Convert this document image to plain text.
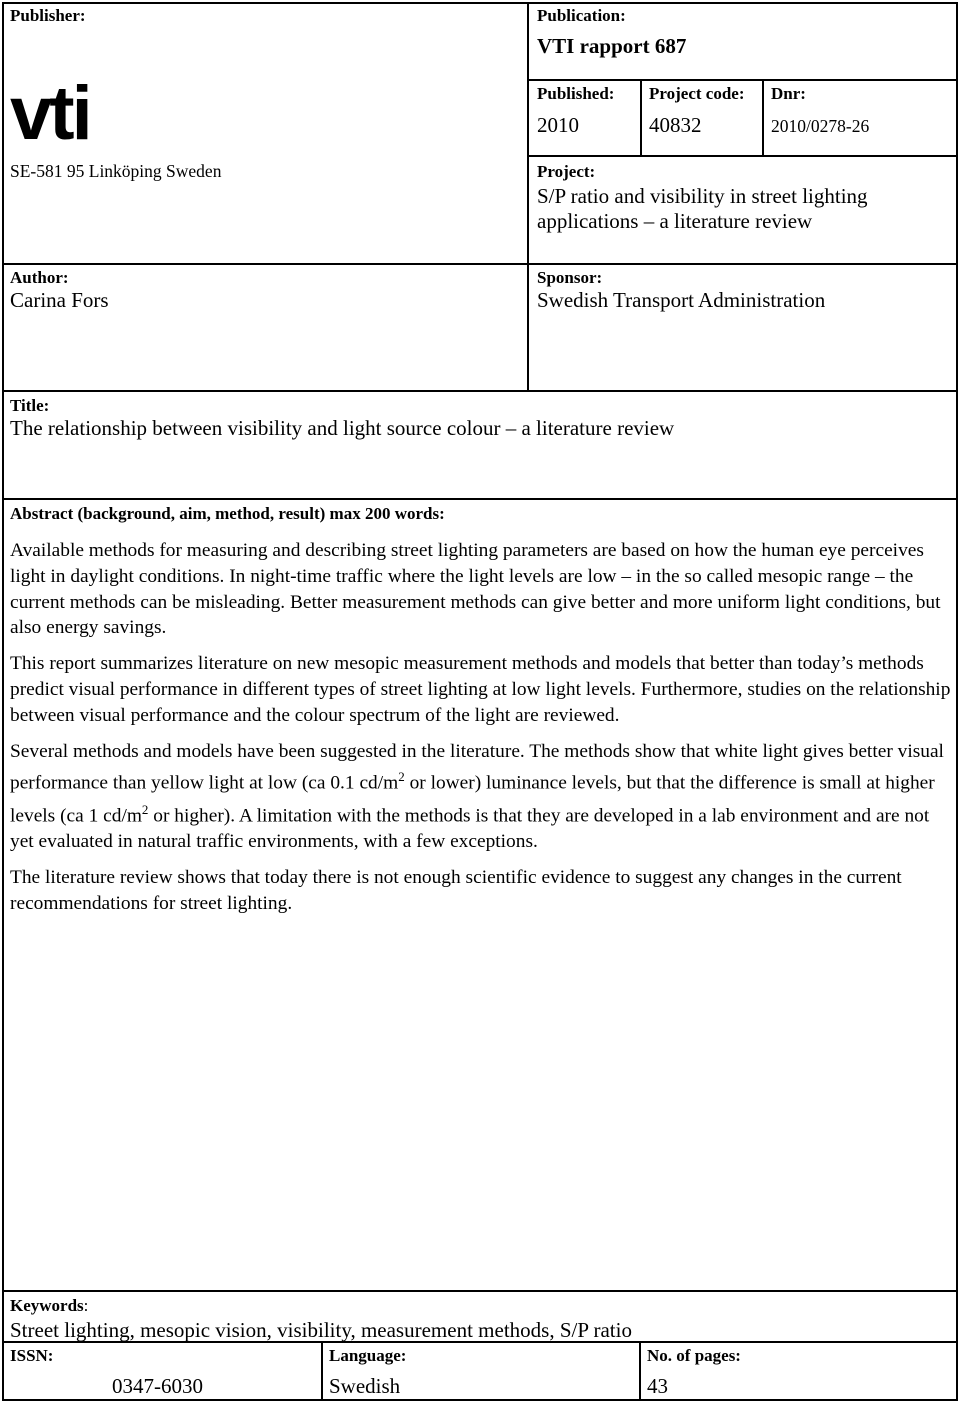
Publisher:
vti
SE-581 95 Linköping Sweden
Publication:
VTI rapport 687
Published:
2010
Project code:
40832
Dnr:
2010/0278-26
Project:
S/P ratio and visibility in street lighting
applications – a literature review
Author:
Carina Fors
Sponsor:
Swedish Transport Administration
Title:
The relationship between visibility and light source colour – a literature review
Abstract (background, aim, method, result) max 200 words:

Available methods for measuring and describing street lighting parameters are based on how the human eye perceives light in daylight conditions. In night-time traffic where the light levels are low – in the so called mesopic range – the current methods can be misleading. Better measurement methods can give better and more uniform light conditions, but also energy savings.

This report summarizes literature on new mesopic measurement methods and models that better than today’s methods predict visual performance in different types of street lighting at low light levels. Furthermore, studies on the relationship between visual performance and the colour spectrum of the light are reviewed.

Several methods and models have been suggested in the literature. The methods show that white light gives better visual performance than yellow light at low (ca 0.1 $cd/m^2$ or lower) luminance levels, but that the difference is small at higher levels (ca 1 $cd/m^2$ or higher). A limitation with the methods is that they are developed in a lab environment and are not yet evaluated in natural traffic environments, with a few exceptions.

The literature review shows that today there is not enough scientific evidence to suggest any changes in the current recommendations for street lighting.

Keywords:
Street lighting, mesopic vision, visibility, measurement methods, S/P ratio
ISSN:
0347-6030
Language:
Swedish
No. of pages:
43
